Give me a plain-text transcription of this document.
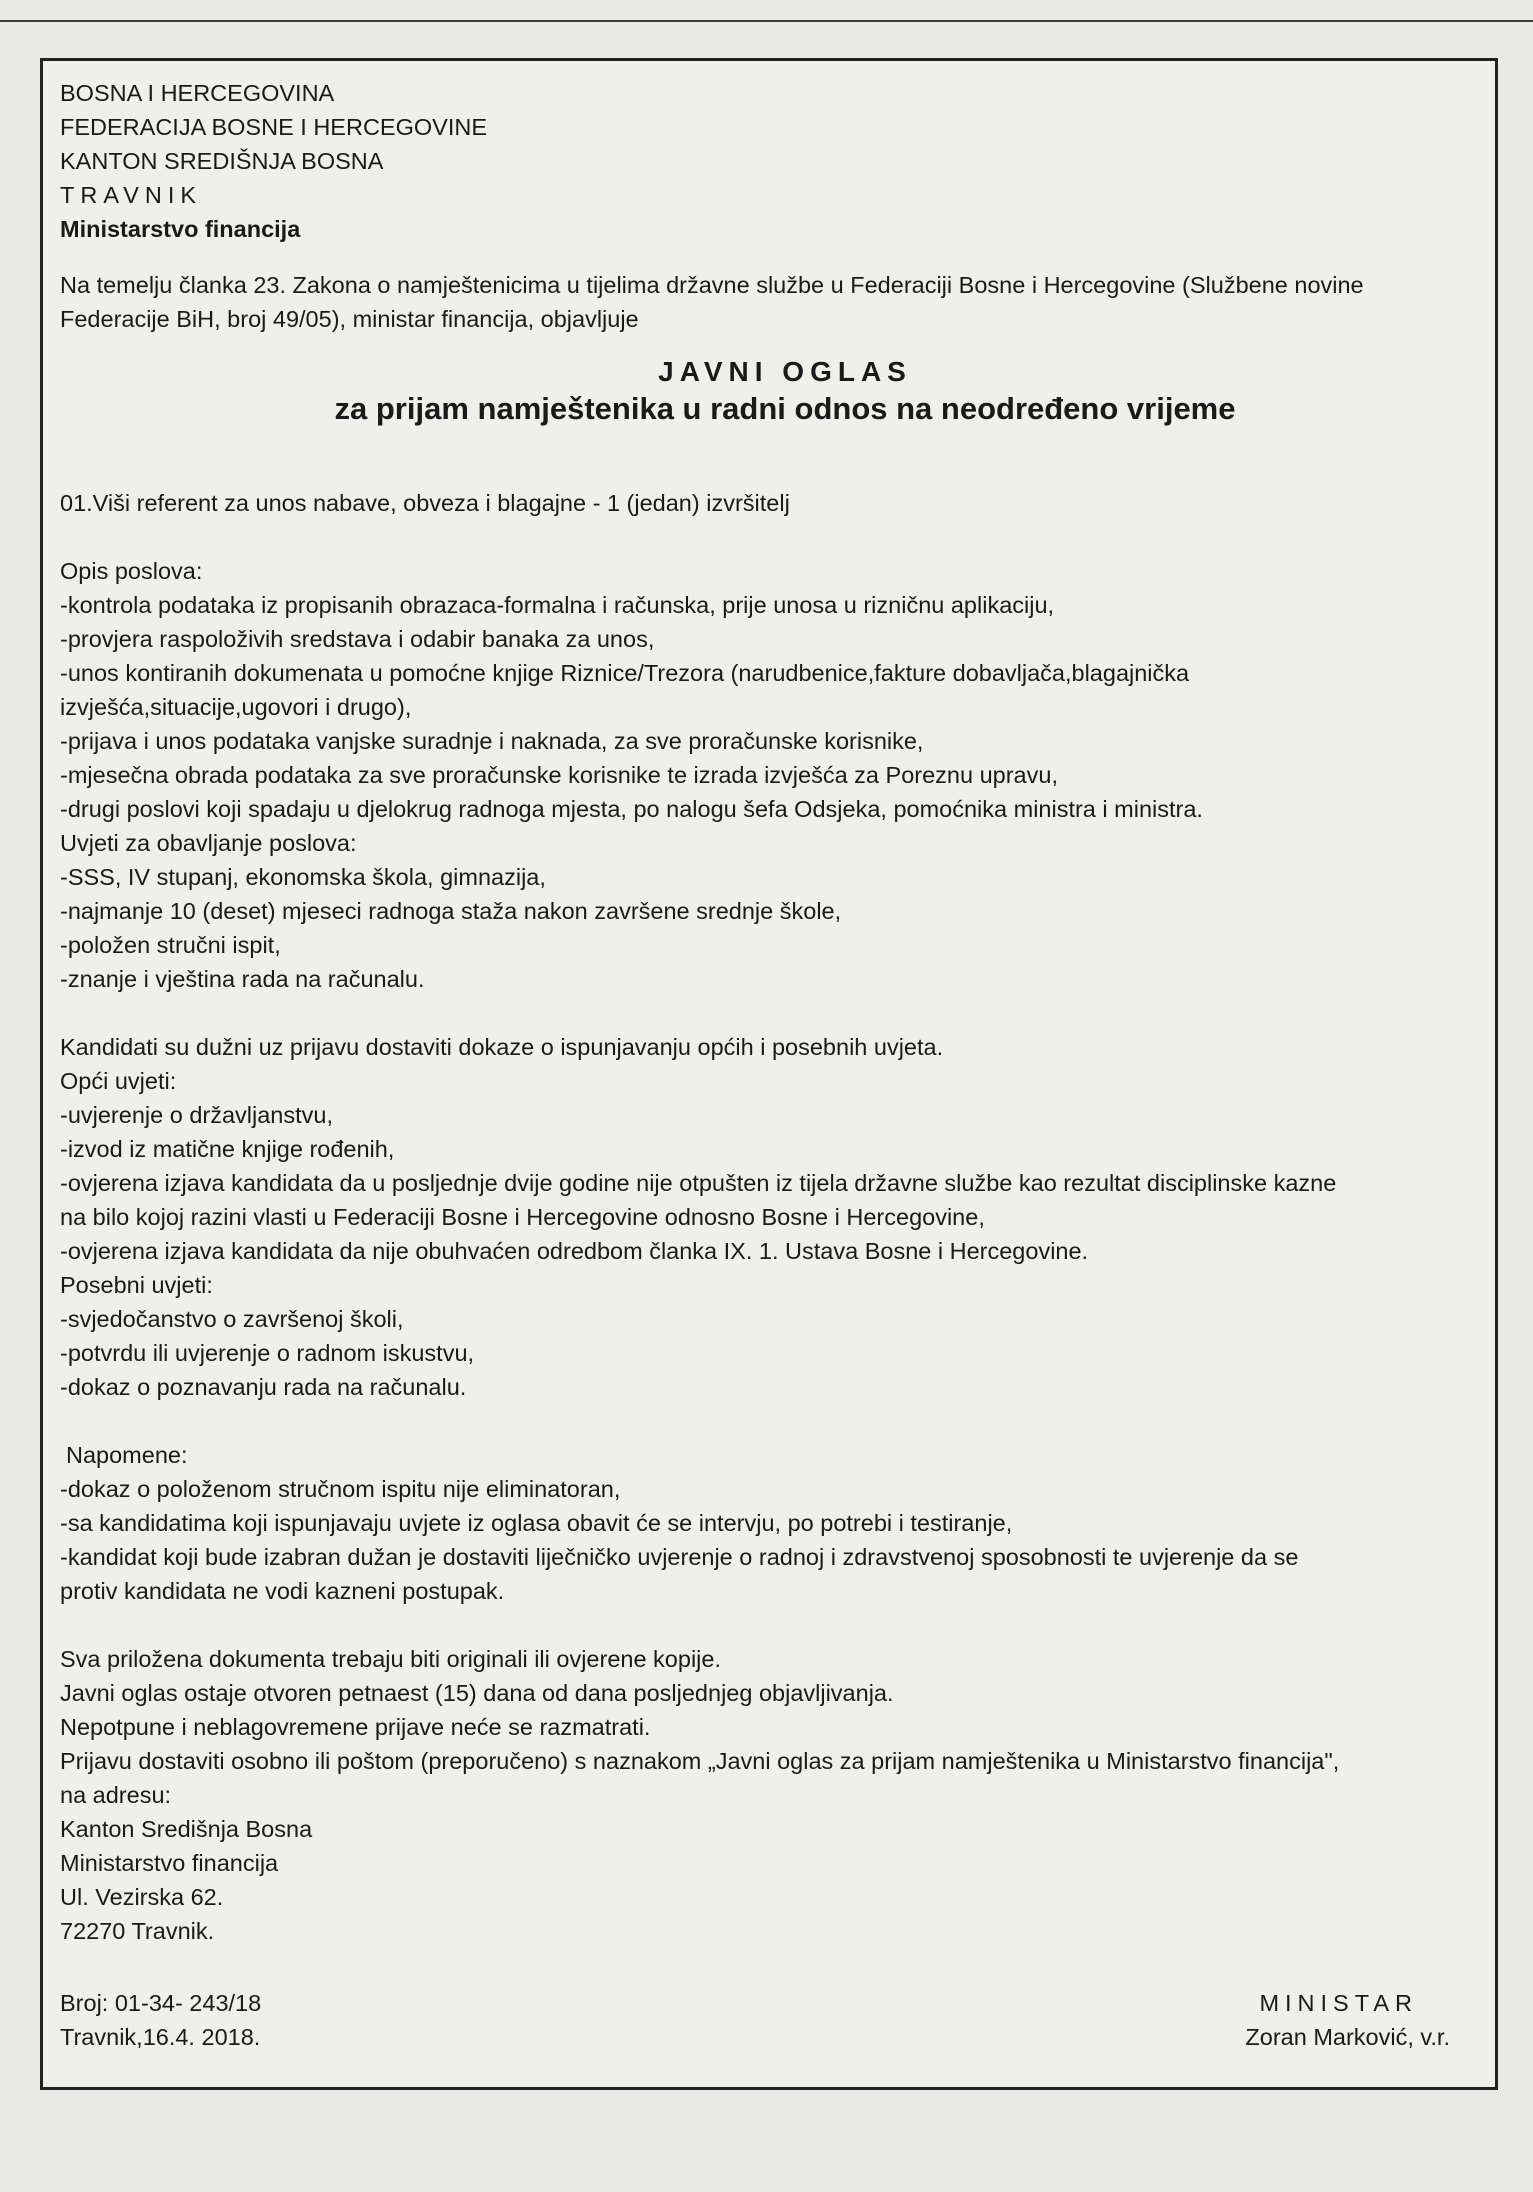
BOSNA I HERCEGOVINA
FEDERACIJA BOSNE I HERCEGOVINE
KANTON SREDIŠNJA BOSNA
TRAVNIK
Ministarstvo financija
Na temelju članka 23. Zakona o namještenicima u tijelima državne službe u Federaciji Bosne i Hercegovine (Službene novine
Federacije BiH, broj 49/05), ministar financija, objavljuje
JAVNI OGLAS
za prijam namještenika u radni odnos na neodređeno vrijeme
01.Viši referent za unos nabave, obveza i blagajne - 1 (jedan) izvršitelj
Opis poslova:
-kontrola podataka iz propisanih obrazaca-formalna i računska, prije unosa u rizničnu aplikaciju,
-provjera raspoloživih sredstava i odabir banaka za unos,
-unos kontiranih dokumenata u pomoćne knjige Riznice/Trezora (narudbenice,fakture dobavljača,blagajnička
izvješća,situacije,ugovori i drugo),
-prijava i unos podataka vanjske suradnje i naknada, za sve proračunske korisnike,
-mjesečna obrada podataka za sve proračunske korisnike te izrada izvješća za Poreznu upravu,
-drugi poslovi koji spadaju u djelokrug radnoga mjesta, po nalogu šefa Odsjeka, pomoćnika ministra i ministra.
Uvjeti za obavljanje poslova:
-SSS, IV stupanj, ekonomska škola, gimnazija,
-najmanje 10 (deset) mjeseci radnoga staža nakon završene srednje škole,
-položen stručni ispit,
-znanje i vještina rada na računalu.
Kandidati su dužni uz prijavu dostaviti dokaze o ispunjavanju općih i posebnih uvjeta.
Opći uvjeti:
-uvjerenje o državljanstvu,
-izvod iz matične knjige rođenih,
-ovjerena izjava kandidata da u posljednje dvije godine nije otpušten iz tijela državne službe kao rezultat disciplinske kazne
na bilo kojoj razini vlasti u Federaciji Bosne i Hercegovine odnosno Bosne i Hercegovine,
-ovjerena izjava kandidata da nije obuhvaćen odredbom članka IX. 1. Ustava Bosne i Hercegovine.
Posebni uvjeti:
-svjedočanstvo o završenoj školi,
-potvrdu ili uvjerenje o radnom iskustvu,
-dokaz o poznavanju rada na računalu.
Napomene:
-dokaz o položenom stručnom ispitu nije eliminatoran,
-sa kandidatima koji ispunjavaju uvjete iz oglasa obavit će se intervju, po potrebi i testiranje,
-kandidat koji bude izabran dužan je dostaviti liječničko uvjerenje o radnoj i zdravstvenoj sposobnosti te uvjerenje da se
protiv kandidata ne vodi kazneni postupak.
Sva priložena dokumenta trebaju biti originali ili ovjerene kopije.
Javni oglas ostaje otvoren petnaest (15) dana od dana posljednjeg objavljivanja.
Nepotpune i neblagovremene prijave neće se razmatrati.
Prijavu dostaviti osobno ili poštom (preporučeno) s naznakom „Javni oglas za prijam namještenika u Ministarstvo financija",
na adresu:
Kanton Središnja Bosna
Ministarstvo financija
Ul. Vezirska 62.
72270 Travnik.
Broj: 01-34- 243/18
Travnik,16.4. 2018.
MINISTAR
Zoran Marković, v.r.
